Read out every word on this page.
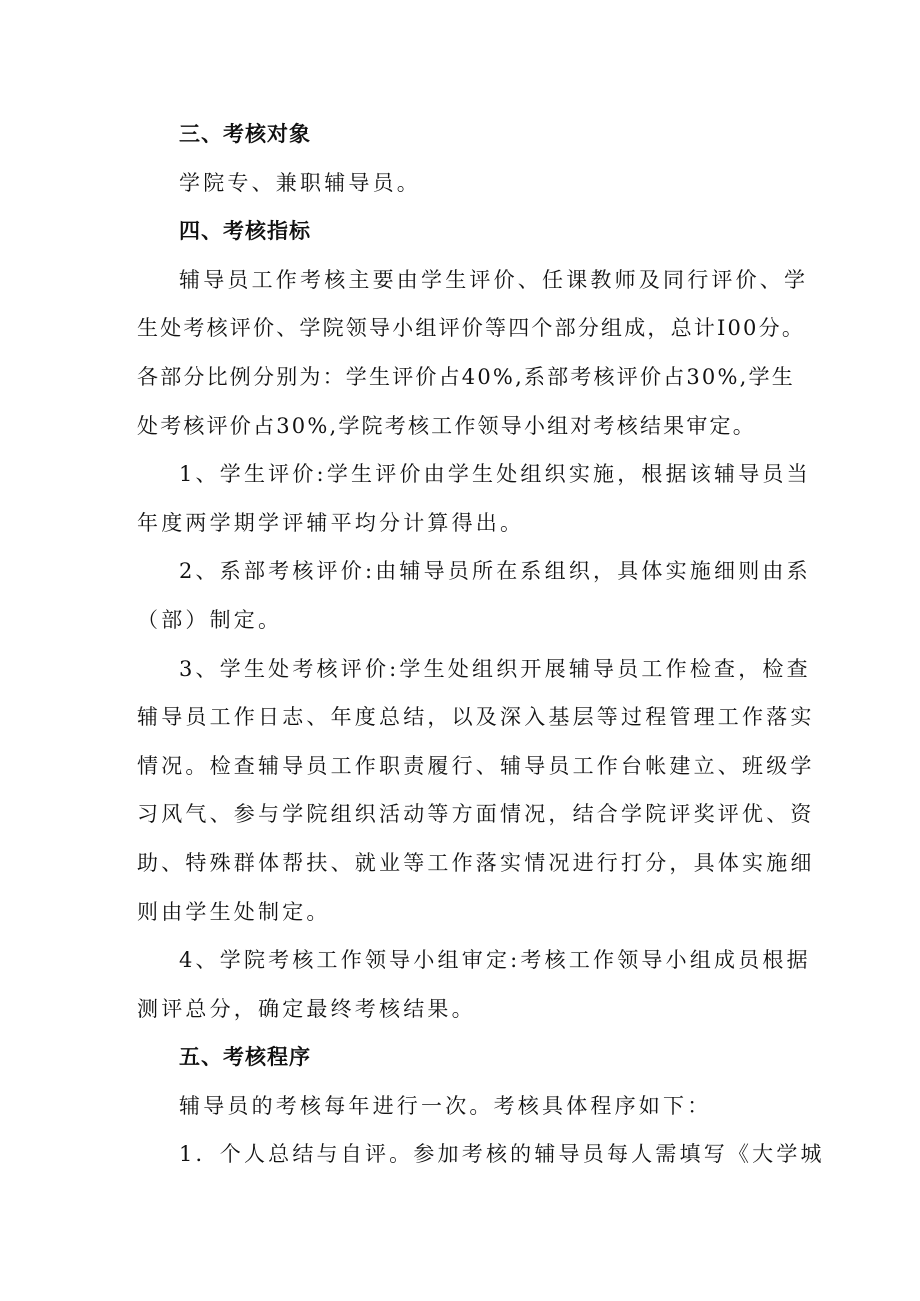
三、考核对象

学院专、兼职辅导员。

四、考核指标

辅导员工作考核主要由学生评价、任课教师及同行评价、学

生处考核评价、学院领导小组评价等四个部分组成，总计I00分。

各部分比例分别为：学生评价占40%,系部考核评价占30%,学生

处考核评价占30%,学院考核工作领导小组对考核结果审定。

1、学生评价:学生评价由学生处组织实施，根据该辅导员当

年度两学期学评辅平均分计算得出。

2、系部考核评价:由辅导员所在系组织，具体实施细则由系

（部）制定。

3、学生处考核评价:学生处组织开展辅导员工作检查，检查

辅导员工作日志、年度总结，以及深入基层等过程管理工作落实

情况。检查辅导员工作职责履行、辅导员工作台帐建立、班级学

习风气、参与学院组织活动等方面情况，结合学院评奖评优、资

助、特殊群体帮扶、就业等工作落实情况进行打分，具体实施细

则由学生处制定。

4、学院考核工作领导小组审定:考核工作领导小组成员根据

测评总分，确定最终考核结果。

五、考核程序

辅导员的考核每年进行一次。考核具体程序如下：

1．个人总结与自评。参加考核的辅导员每人需填写《大学城
